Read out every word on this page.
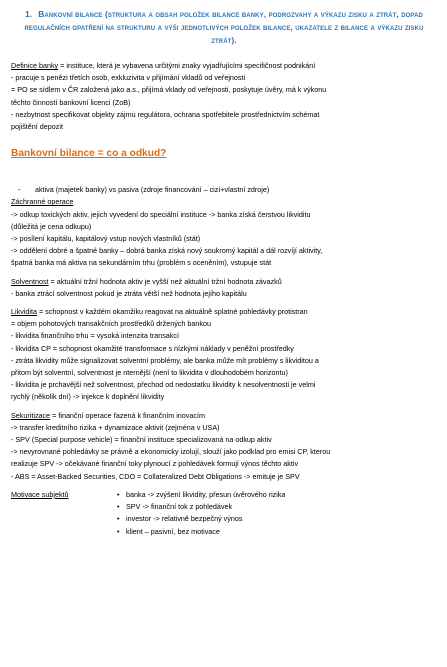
1. Bankovní bilance (struktura a obsah položek bilance banky, podrozvahy a výkazu zisku a ztrát, dopad regulačních opatření na strukturu a výši jednotlivých položek bilance, ukazatele z bilance a výkazu zisku ztrát).
Definice banky = instituce, která je vybavena určitými znaky vyjadřujícími specifičnost podnikání
- pracuje s penězi třetích osob, exkluzivita v přijímání vkladů od veřejnosti
= PO se sídlem v ČR založená jako a.s., přijímá vklady od veřejnosti, poskytuje úvěry, má k výkonu
těchto činností bankovní licenci (ZoB)
- nezbytnost specifikovat objekty zájmu regulátora, ochrana spotřebitele prostřednictvím schémat
pojištění depozit
Bankovní bilance = co a odkud?
- aktiva (majetek banky) vs pasiva (zdroje financování – cizí+vlastní zdroje)
Záchranné operace
-> odkup toxických aktiv, jejich vyvedení do speciální instituce -> banka získá čerstvou likviditu
(důležitá je cena odkupu)
-> posílení kapitálu, kapitálový vstup nových vlastníků (stát)
-> oddělení dobré a špatné banky – dobrá banka získá nový soukromý kapitál a dál rozvíjí aktivity,
špatná banka má aktiva na sekundárním trhu (problém s oceněním), vstupuje stát
Solventnost = aktuální tržní hodnota aktiv je vyšší než aktuální tržní hodnota závazků
- banka ztrácí solventnost pokud je ztráta větší než hodnota jejího kapitálu
Likvidita = schopnost v každém okamžiku reagovat na aktuálně splatné pohledávky protistran
= objem pohotových transakčních prostředků držených bankou
- likvidita finančního trhu = vysoká intenzita transakcí
- likvidita CP = schopnost okamžité transformace s nízkými náklady v peněžní prostředky
- ztráta likvidity může signalizovat solventní problémy, ale banka může mít problémy s likviditou a
přitom být solventní, solventnost je nternější (není to likvidita v dlouhodobém horizontu)
- likvidita je prchavější než solventnost, přechod od nedostatku likvidity k nesolventnosti je velmi
rychlý (několik dní) -> injekce k doplnění likvidity
Sekuritizace = finanční operace řazená k finančním inovacím
-> transfer kreditního rizika + dynamizace aktivit (zejména v USA)
- SPV (Special purpose vehicle) = finanční instituce specializovaná na odkup aktiv
-> nevyrovnané pohledávky se právně a ekonomicky izolují, slouží jako podklad pro emisi CP, kterou
realizuje SPV -> očekávané finanční toky plynoucí z pohledávek formují výnos těchto aktiv
- ABS = Asset-Backed Securities, CDO = Collateralized Debt Obligations -> emituje je SPV
Motivace subjektů
•	banka -> zvýšení likvidity, přesun úvěrového rizika
• SPV -> finanční tok z pohledávek
• investor -> relativně bezpečný výnos
• klient – pasivní, bez motivace
